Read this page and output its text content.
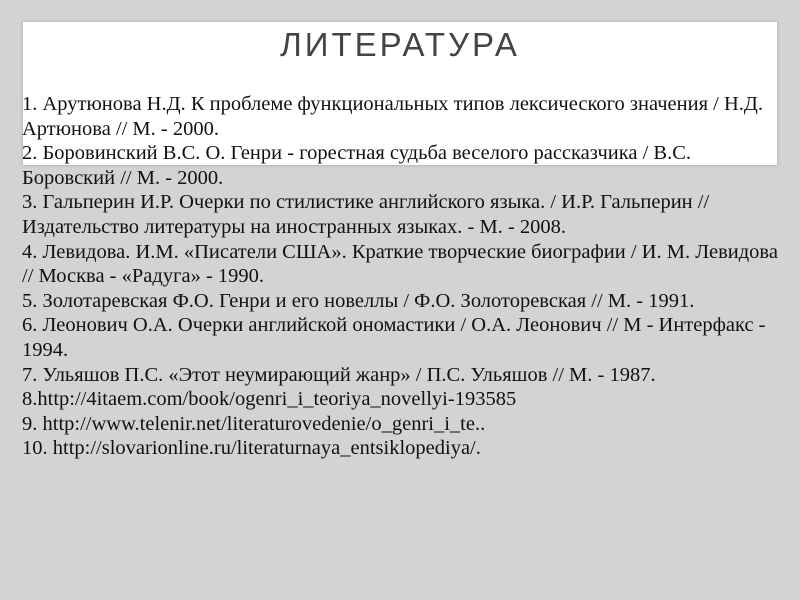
ЛИТЕРАТУРА
1. Арутюнова Н.Д. К проблеме функциональных типов лексического значения / Н.Д. Артюнова // М. - 2000.
2. Боровинский В.С. О. Генри - горестная судьба веселого рассказчика / В.С. Боровский // М. - 2000.
3. Гальперин И.Р. Очерки по стилистике английского языка. / И.Р. Гальперин // Издательство литературы на иностранных языках. - М. - 2008.
4. Левидова. И.М. «Писатели США». Краткие творческие биографии / И. М. Левидова // Москва - «Радуга» - 1990.
5. Золотаревская Ф.О. Генри и его новеллы / Ф.О. Золоторевская // М. - 1991.
6. Леонович О.А. Очерки английской ономастики / О.А. Леонович // М - Интерфакс - 1994.
7. Ульяшов П.С. «Этот неумирающий жанр» / П.С. Ульяшов // М. - 1987.
8.http://4itaem.com/book/ogenri_i_teoriya_novellyi-193585
9. http://www.telenir.net/literaturovedenie/o_genri_i_te..
10. http://slovarionline.ru/literaturnaya_entsiklopediya/.
